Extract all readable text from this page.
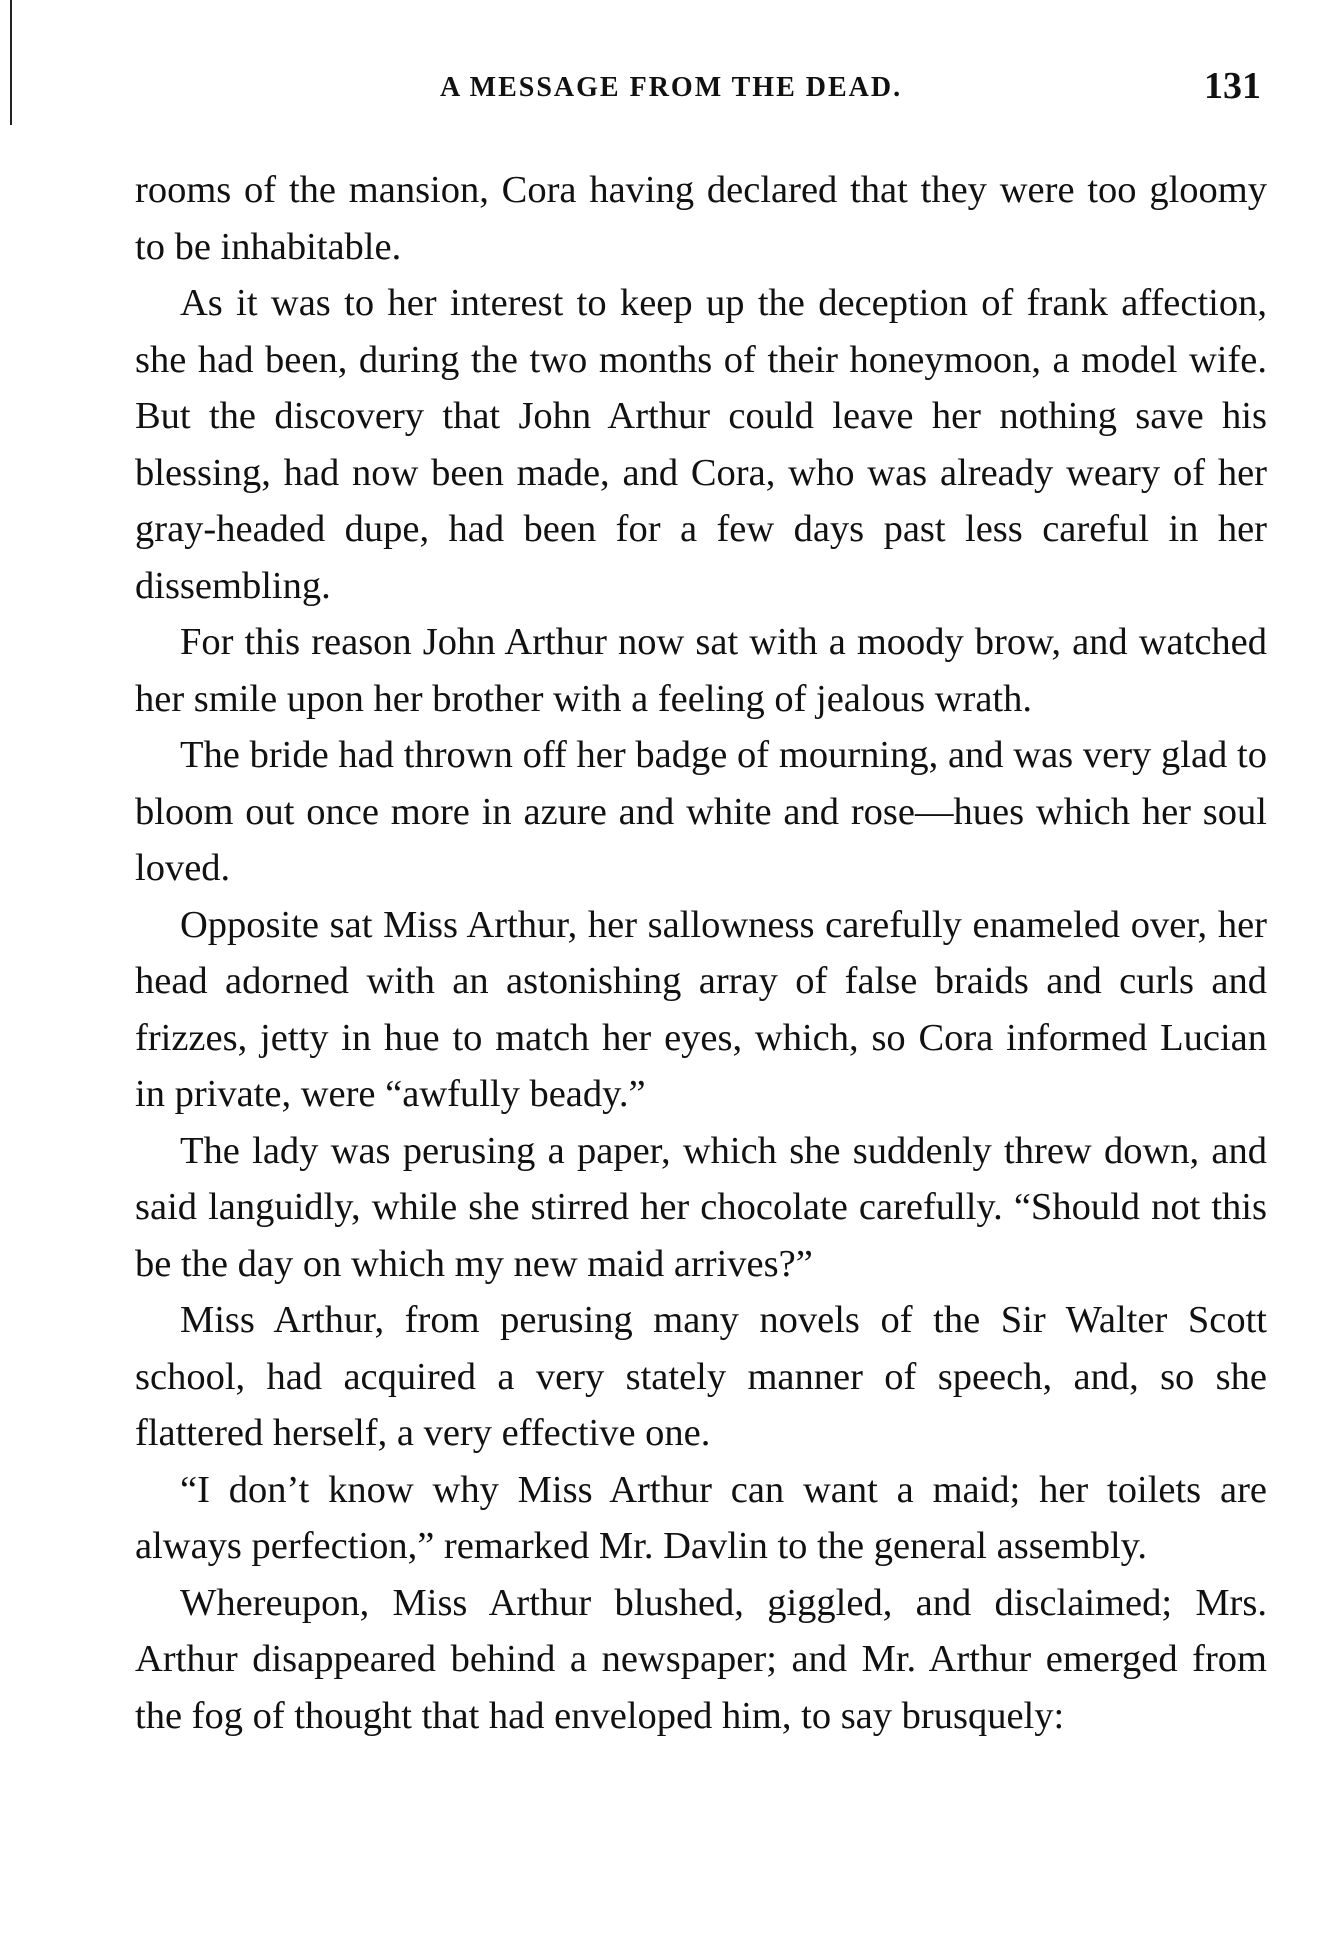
A MESSAGE FROM THE DEAD.	131

rooms of the mansion, Cora having declared that they were too gloomy to be inhabitable.

As it was to her interest to keep up the deception of frank affection, she had been, during the two months of their honeymoon, a model wife. But the discovery that John Arthur could leave her nothing save his blessing, had now been made, and Cora, who was already weary of her gray-headed dupe, had been for a few days past less careful in her dissembling.

For this reason John Arthur now sat with a moody brow, and watched her smile upon her brother with a feeling of jealous wrath.

The bride had thrown off her badge of mourning, and was very glad to bloom out once more in azure and white and rose—hues which her soul loved.

Opposite sat Miss Arthur, her sallowness carefully enameled over, her head adorned with an astonishing array of false braids and curls and frizzes, jetty in hue to match her eyes, which, so Cora informed Lucian in private, were “awfully beady.”

The lady was perusing a paper, which she suddenly threw down, and said languidly, while she stirred her chocolate carefully. “Should not this be the day on which my new maid arrives?”

Miss Arthur, from perusing many novels of the Sir Walter Scott school, had acquired a very stately manner of speech, and, so she flattered herself, a very effective one.

“I don’t know why Miss Arthur can want a maid; her toilets are always perfection,” remarked Mr. Davlin to the general assembly.

Whereupon, Miss Arthur blushed, giggled, and disclaimed; Mrs. Arthur disappeared behind a newspaper; and Mr. Arthur emerged from the fog of thought that had enveloped him, to say brusquely:
